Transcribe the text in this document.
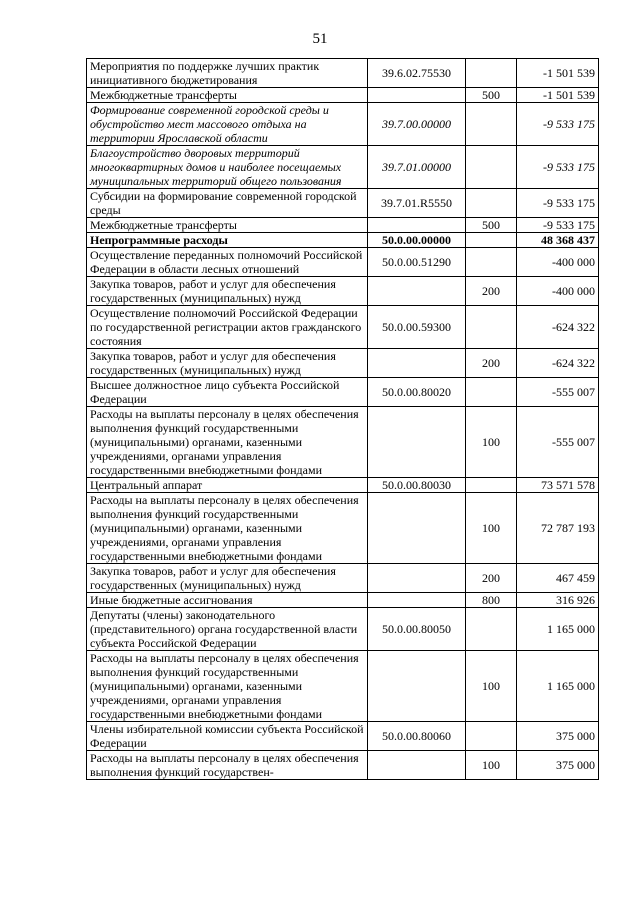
51
Мероприятия по поддержке лучших практик инициативного бюджетирования	39.6.02.75530		-1 501 539
Межбюджетные трансферты		500	-1 501 539
Формирование современной городской среды и обустройство мест массового отдыха на территории Ярославской области	39.7.00.00000		-9 533 175
Благоустройство дворовых территорий многоквартирных домов и наиболее посещаемых муниципальных территорий общего пользования	39.7.01.00000		-9 533 175
Субсидии на формирование современной городской среды	39.7.01.R5550		-9 533 175
Межбюджетные трансферты		500	-9 533 175
Непрограммные расходы	50.0.00.00000		48 368 437
Осуществление переданных полномочий Российской Федерации в области лесных отношений	50.0.00.51290		-400 000
Закупка товаров, работ и услуг для обеспечения государственных (муниципальных) нужд		200	-400 000
Осуществление полномочий Российской Федерации по государственной регистрации актов гражданского состояния	50.0.00.59300		-624 322
Закупка товаров, работ и услуг для обеспечения государственных (муниципальных) нужд		200	-624 322
Высшее должностное лицо субъекта Российской Федерации	50.0.00.80020		-555 007
Расходы на выплаты персоналу в целях обеспечения выполнения функций государственными (муниципальными) органами, казенными учреждениями, органами управления государственными внебюджетными фондами		100	-555 007
Центральный аппарат	50.0.00.80030		73 571 578
Расходы на выплаты персоналу в целях обеспечения выполнения функций государственными (муниципальными) органами, казенными учреждениями, органами управления государственными внебюджетными фондами		100	72 787 193
Закупка товаров, работ и услуг для обеспечения государственных (муниципальных) нужд		200	467 459
Иные бюджетные ассигнования		800	316 926
Депутаты (члены) законодательного (представительного) органа государственной власти субъекта Российской Федерации	50.0.00.80050		1 165 000
Расходы на выплаты персоналу в целях обеспечения выполнения функций государственными (муниципальными) органами, казенными учреждениями, органами управления государственными внебюджетными фондами		100	1 165 000
Члены избирательной комиссии субъекта Российской Федерации	50.0.00.80060		375 000
Расходы на выплаты персоналу в целях обеспечения выполнения функций государствен-		100	375 000
